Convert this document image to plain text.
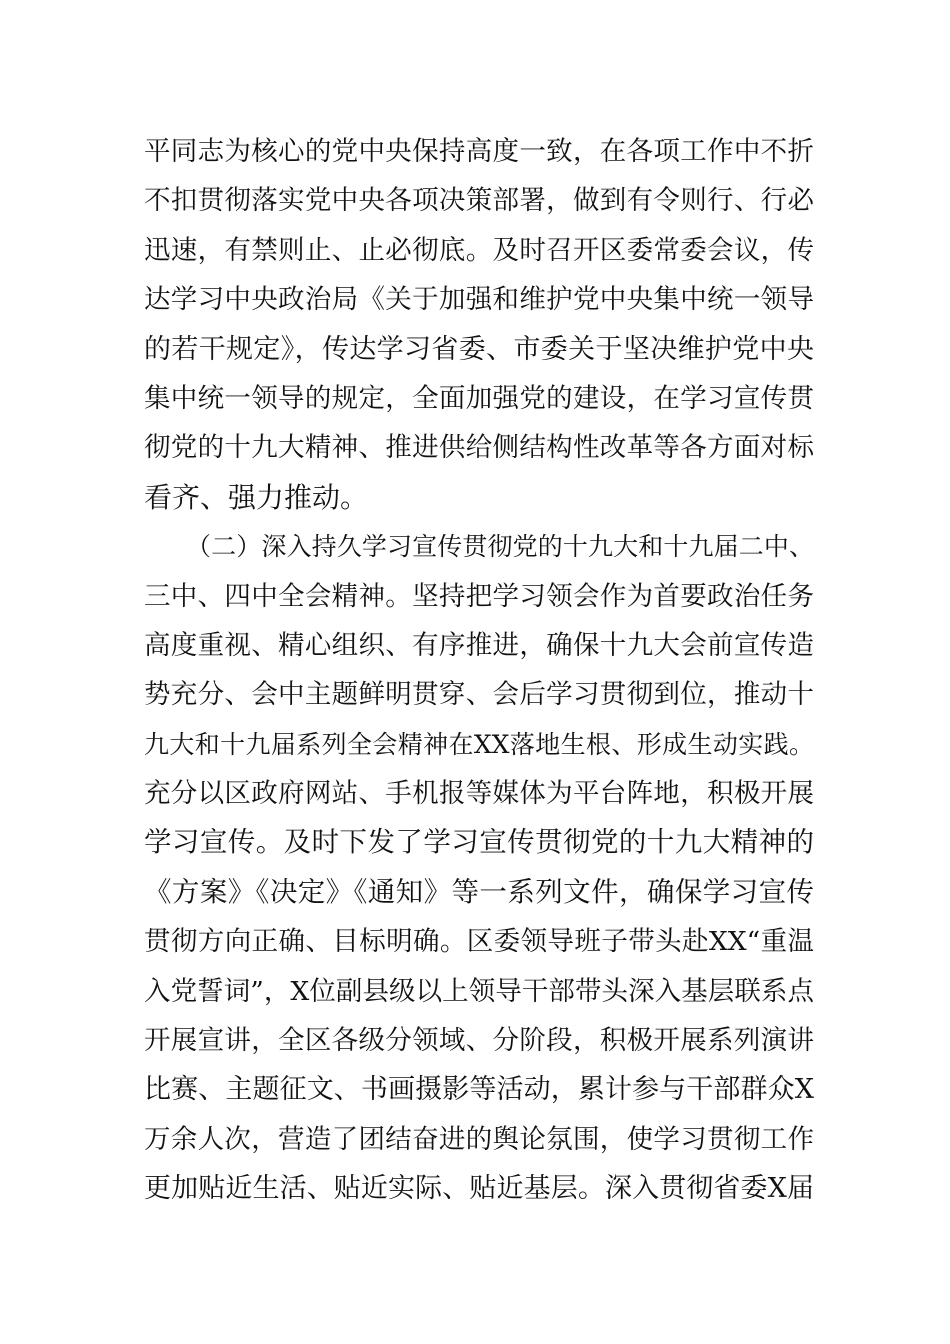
平同志为核心的党中央保持高度一致，在各项工作中不折
不扣贯彻落实党中央各项决策部署，做到有令则行、行必
迅速，有禁则止、止必彻底。及时召开区委常委会议，传
达学习中央政治局《关于加强和维护党中央集中统一领导
的若干规定》，传达学习省委、市委关于坚决维护党中央
集中统一领导的规定，全面加强党的建设，在学习宣传贯
彻党的十九大精神、推进供给侧结构性改革等各方面对标
看齐、强力推动。
（二）深入持久学习宣传贯彻党的十九大和十九届二中、
三中、四中全会精神。坚持把学习领会作为首要政治任务
高度重视、精心组织、有序推进，确保十九大会前宣传造
势充分、会中主题鲜明贯穿、会后学习贯彻到位，推动十
九大和十九届系列全会精神在XX落地生根、形成生动实践。
充分以区政府网站、手机报等媒体为平台阵地，积极开展
学习宣传。及时下发了学习宣传贯彻党的十九大精神的
《方案》《决定》《通知》等一系列文件，确保学习宣传
贯彻方向正确、目标明确。区委领导班子带头赴XX“重温
入党誓词”，X位副县级以上领导干部带头深入基层联系点
开展宣讲，全区各级分领域、分阶段，积极开展系列演讲
比赛、主题征文、书画摄影等活动，累计参与干部群众X
万余人次，营造了团结奋进的舆论氛围，使学习贯彻工作
更加贴近生活、贴近实际、贴近基层。深入贯彻省委X届
